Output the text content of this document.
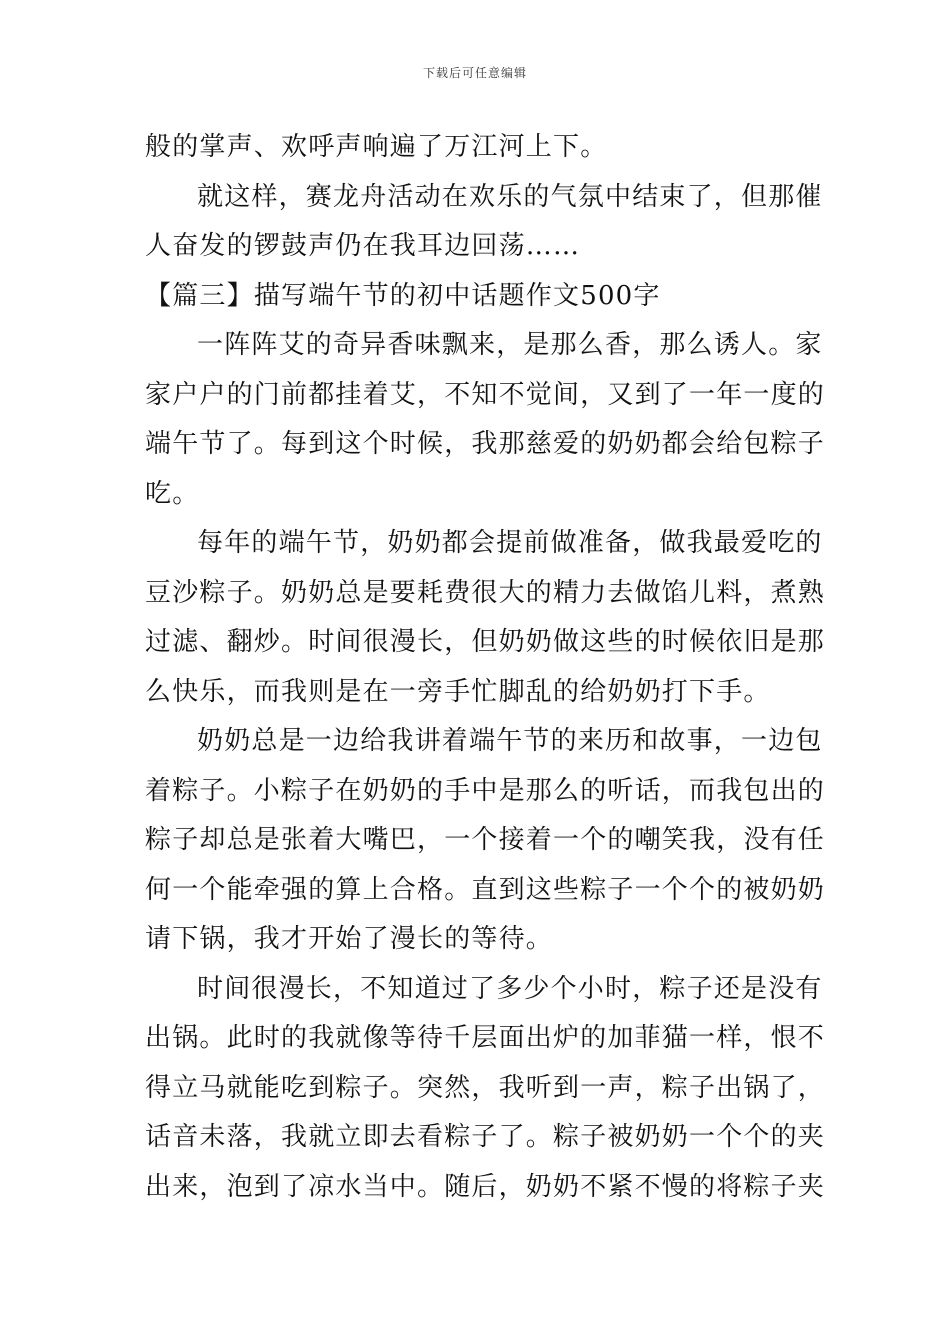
下载后可任意编辑
般的掌声、欢呼声响遍了万江河上下。
就这样，赛龙舟活动在欢乐的气氛中结束了，但那催
人奋发的锣鼓声仍在我耳边回荡……
【篇三】描写端午节的初中话题作文500字
一阵阵艾的奇异香味飘来，是那么香，那么诱人。家
家户户的门前都挂着艾，不知不觉间，又到了一年一度的
端午节了。每到这个时候，我那慈爱的奶奶都会给包粽子
吃。
每年的端午节，奶奶都会提前做准备，做我最爱吃的
豆沙粽子。奶奶总是要耗费很大的精力去做馅儿料，煮熟
过滤、翻炒。时间很漫长，但奶奶做这些的时候依旧是那
么快乐，而我则是在一旁手忙脚乱的给奶奶打下手。
奶奶总是一边给我讲着端午节的来历和故事，一边包
着粽子。小粽子在奶奶的手中是那么的听话，而我包出的
粽子却总是张着大嘴巴，一个接着一个的嘲笑我，没有任
何一个能牵强的算上合格。直到这些粽子一个个的被奶奶
请下锅，我才开始了漫长的等待。
时间很漫长，不知道过了多少个小时，粽子还是没有
出锅。此时的我就像等待千层面出炉的加菲猫一样，恨不
得立马就能吃到粽子。突然，我听到一声，粽子出锅了，
话音未落，我就立即去看粽子了。粽子被奶奶一个个的夹
出来，泡到了凉水当中。随后，奶奶不紧不慢的将粽子夹
